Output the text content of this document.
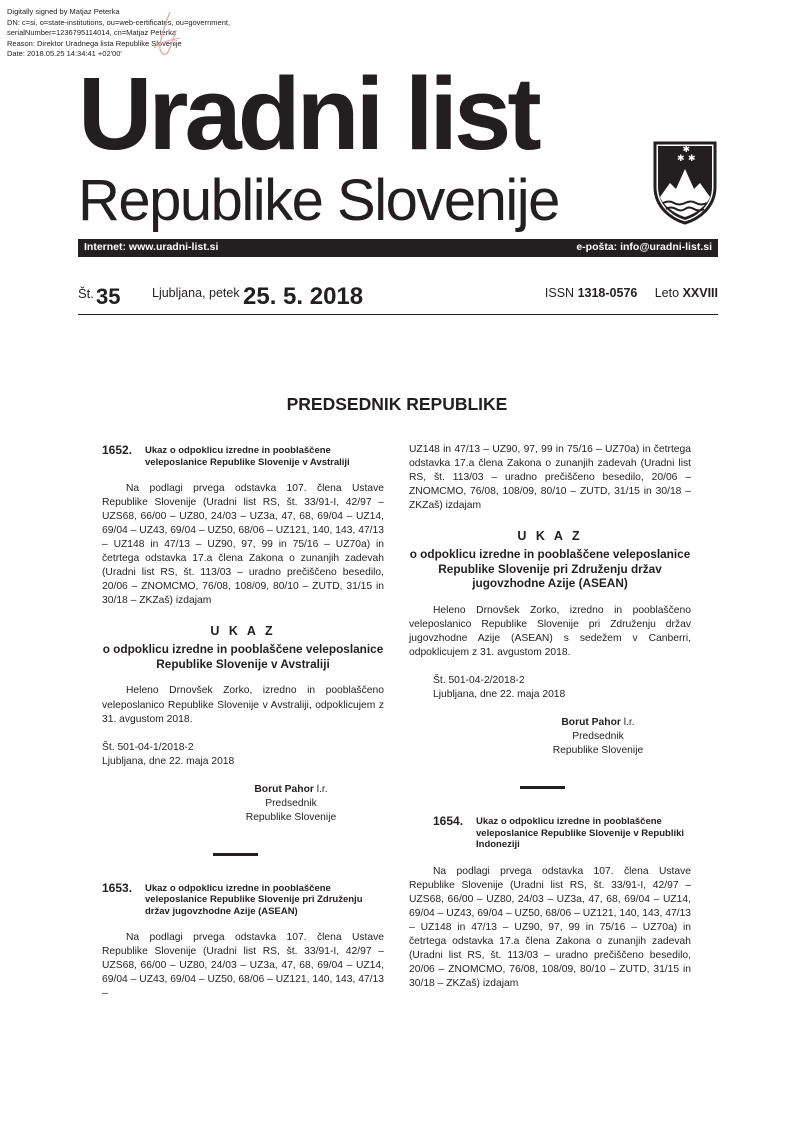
Digitally signed by Matjaz Peterka
DN: c=si, o=state-institutions, ou=web-certificates, ou=government,
serialNumber=1236795114014, cn=Matjaz Peterka
Reason: Direktor Uradnega lista Republike Slovenije
Date: 2018.05.25 14:34:41 +02'00'
Uradni list
Republike Slovenije
✱ ✱
✱
Internet: www.uradni-list.si	e-pošta: info@uradni-list.si
Št. 35	Ljubljana, petek 25. 5. 2018	ISSN 1318-0576 Leto XXVIII
PREDSEDNIK REPUBLIKE
1652.	Ukaz o odpoklicu izredne in pooblaščene veleposlanice Republike Slovenije v Avstraliji

Na podlagi prvega odstavka 107. člena Ustave Republike Slovenije (Uradni list RS, št. 33/91-I, 42/97 – UZS68, 66/00 – UZ80, 24/03 – UZ3a, 47, 68, 69/04 – UZ14, 69/04 – UZ43, 69/04 – UZ50, 68/06 – UZ121, 140, 143, 47/13 – UZ148 in 47/13 – UZ90, 97, 99 in 75/16 – UZ70a) in četrtega odstavka 17.a člena Zakona o zunanjih zadevah (Uradni list RS, št. 113/03 – uradno prečiščeno besedilo, 20/06 – ZNOMCMO, 76/08, 108/09, 80/10 – ZUTD, 31/15 in 30/18 – ZKZaš) izdajam

U K A Z
o odpoklicu izredne in pooblaščene veleposlanice Republike Slovenije v Avstraliji

Heleno Drnovšek Zorko, izredno in pooblaščeno veleposlanico Republike Slovenije v Avstraliji, odpoklicujem z 31. avgustom 2018.

Št. 501-04-1/2018-2
Ljubljana, dne 22. maja 2018

Borut Pahor l.r.
Predsednik
Republike Slovenije
1653.	Ukaz o odpoklicu izredne in pooblaščene veleposlanice Republike Slovenije pri Združenju držav jugovzhodne Azije (ASEAN)

Na podlagi prvega odstavka 107. člena Ustave Republike Slovenije (Uradni list RS, št. 33/91-I, 42/97 – UZS68, 66/00 – UZ80, 24/03 – UZ3a, 47, 68, 69/04 – UZ14, 69/04 – UZ43, 69/04 – UZ50, 68/06 – UZ121, 140, 143, 47/13 –

UZ148 in 47/13 – UZ90, 97, 99 in 75/16 – UZ70a) in četrtega odstavka 17.a člena Zakona o zunanjih zadevah (Uradni list RS, št. 113/03 – uradno prečiščeno besedilo, 20/06 – ZNOMCMO, 76/08, 108/09, 80/10 – ZUTD, 31/15 in 30/18 – ZKZaš) izdajam

U K A Z
o odpoklicu izredne in pooblaščene veleposlanice Republike Slovenije pri Združenju držav jugovzhodne Azije (ASEAN)

Heleno Drnovšek Zorko, izredno in pooblaščeno veleposlanico Republike Slovenije pri Združenju držav jugovzhodne Azije (ASEAN) s sedežem v Canberri, odpoklicujem z 31. avgustom 2018.

Št. 501-04-2/2018-2
Ljubljana, dne 22. maja 2018

Borut Pahor l.r.
Predsednik
Republike Slovenije
1654.	Ukaz o odpoklicu izredne in pooblaščene veleposlanice Republike Slovenije v Republiki Indoneziji

Na podlagi prvega odstavka 107. člena Ustave Republike Slovenije (Uradni list RS, št. 33/91-I, 42/97 – UZS68, 66/00 – UZ80, 24/03 – UZ3a, 47, 68, 69/04 – UZ14, 69/04 – UZ43, 69/04 – UZ50, 68/06 – UZ121, 140, 143, 47/13 – UZ148 in 47/13 – UZ90, 97, 99 in 75/16 – UZ70a) in četrtega odstavka 17.a člena Zakona o zunanjih zadevah (Uradni list RS, št. 113/03 – uradno prečiščeno besedilo, 20/06 – ZNOMCMO, 76/08, 108/09, 80/10 – ZUTD, 31/15 in 30/18 – ZKZaš) izdajam
